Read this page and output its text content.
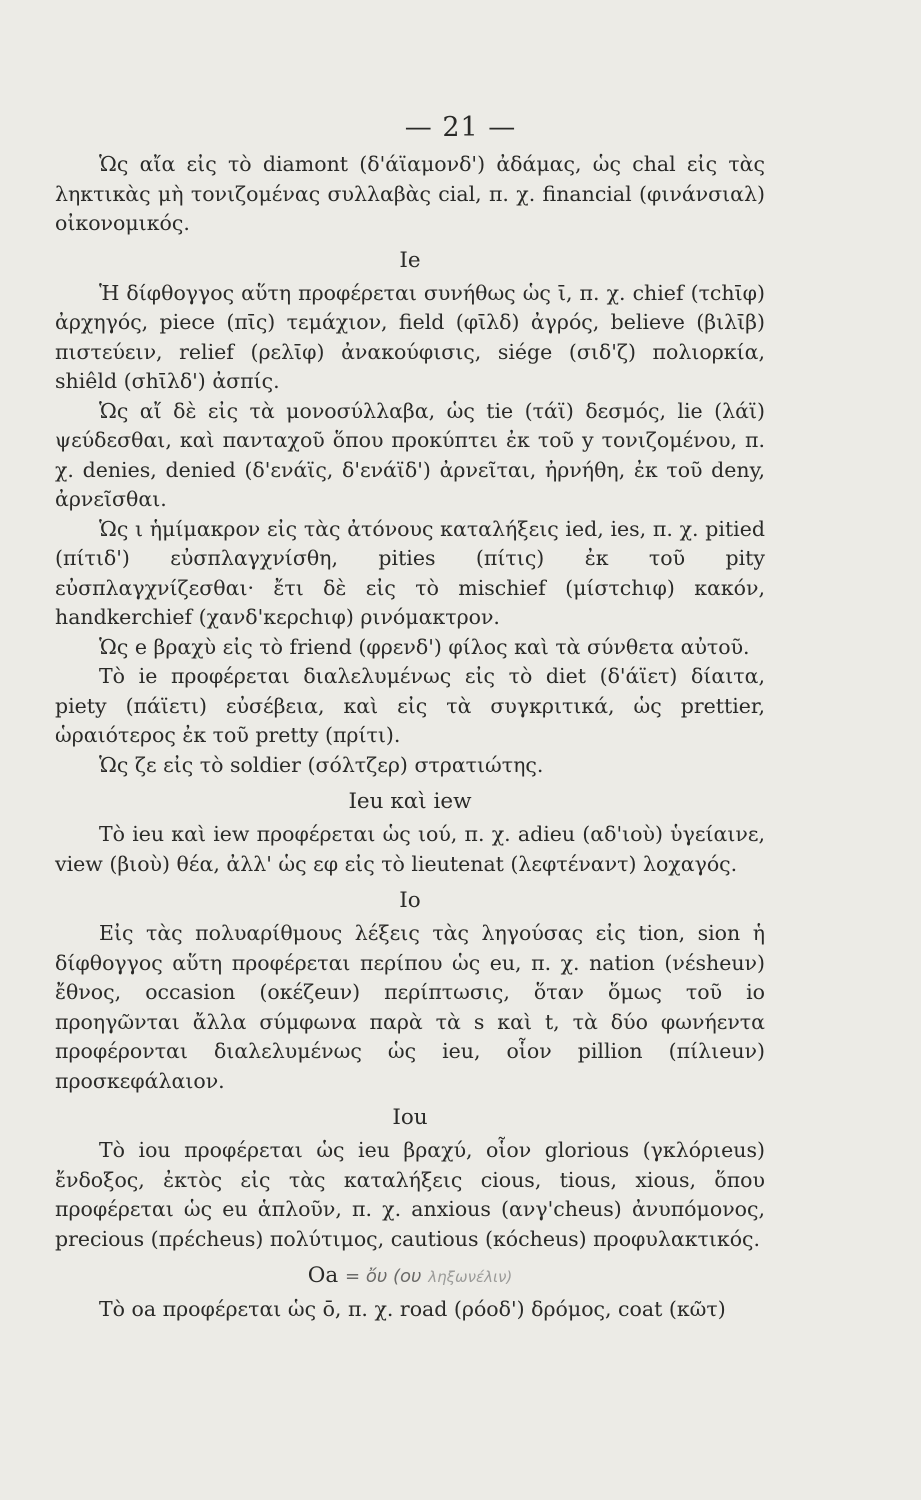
— 21 —

Ὡς αἴα εἰς τὸ diamont (δ'άϊαμονδ') ἀδάμας, ὡς chal εἰς τὰς ληκτικὰς μὴ τονιζομένας συλλαβὰς cial, π. χ. financial (φινάνσιαλ) οἰκονομικός.

Ie

Ἡ δίφθογγος αὕτη προφέρεται συνήθως ὡς ῑ, π. χ. chief (τchῑφ) ἀρχηγός, piece (πῑς) τεμάχιον, field (φῑλδ) ἀγρός, believe (βιλῑβ) πιστεύειν, relief (ρελῑφ) ἀνακούφισις, siége (σιδ'ζ) πολιορκία, shiêld (σhῑλδ') ἀσπίς.

Ὡς αἴ δὲ εἰς τὰ μονοσύλλαβα, ὡς tie (τάϊ) δεσμός, lie (λάϊ) ψεύδεσθαι, καὶ πανταχοῦ ὅπου προκύπτει ἐκ τοῦ y τονιζομένου, π. χ. denies, denied (δ'ενάϊς, δ'ενάϊδ') ἀρνεῖται, ἠρνήθη, ἐκ τοῦ deny, ἀρνεῖσθαι.

Ὡς ι ἡμίμακρον εἰς τὰς ἀτόνους καταλήξεις ied, ies, π. χ. pitied (πίτιδ') εὐσπλαγχνίσθη, pities (πίτις) ἐκ τοῦ pity εὐσπλαγχνίζεσθαι· ἔτι δὲ εἰς τὸ mischief (μίστchιφ) κακόν, handkerchief (χανδ'κερchιφ) ρινόμακτρον.

Ὡς e βραχὺ εἰς τὸ friend (φρενδ') φίλος καὶ τὰ σύνθετα αὐτοῦ.

Τὸ ie προφέρεται διαλελυμένως εἰς τὸ diet (δ'άϊετ) δίαιτα, piety (πάϊετι) εὐσέβεια, καὶ εἰς τὰ συγκριτικά, ὡς prettier, ὡραιότερος ἐκ τοῦ pretty (πρίτι).

Ὡς ζε εἰς τὸ soldier (σόλτζερ) στρατιώτης.

Ieu καὶ iew

Τὸ ieu καὶ iew προφέρεται ὡς ιού, π. χ. adieu (αδ'ιοὺ) ὑγείαινε, view (βιοὺ) θέα, ἀλλ' ὡς εφ εἰς τὸ lieutenat (λεφτέναντ) λοχαγός.

Io

Εἰς τὰς πολυαρίθμους λέξεις τὰς ληγούσας εἰς tion, sion ἡ δίφθογγος αὕτη προφέρεται περίπου ὡς eu, π. χ. nation (νέsheuν) ἔθνος, occasion (οκέζeuν) περίπτωσις, ὅταν ὅμως τοῦ io προηγῶνται ἄλλα σύμφωνα παρὰ τὰ s καὶ t, τὰ δύο φωνήεντα προφέρονται διαλελυμένως ὡς ieu, οἷον pillion (πίλιeuν) προσκεφάλαιον.

Iou

Τὸ iou προφέρεται ὡς ieu βραχύ, οἷον glorious (γκλόριeus) ἔνδοξος, ἐκτὸς εἰς τὰς καταλήξεις cious, tious, xious, ὅπου προφέρεται ὡς eu ἁπλοῦν, π. χ. anxious (ανγ'cheus) ἀνυπόμονος, precious (πρέcheus) πολύτιμος, cautious (κόcheus) προφυλακτικός.

Oa = ὄυ (ου ληξωνέλιν)

Τὸ oa προφέρεται ὡς ō, π. χ. road (ρόοδ') δρόμος, coat (κῶτ)
